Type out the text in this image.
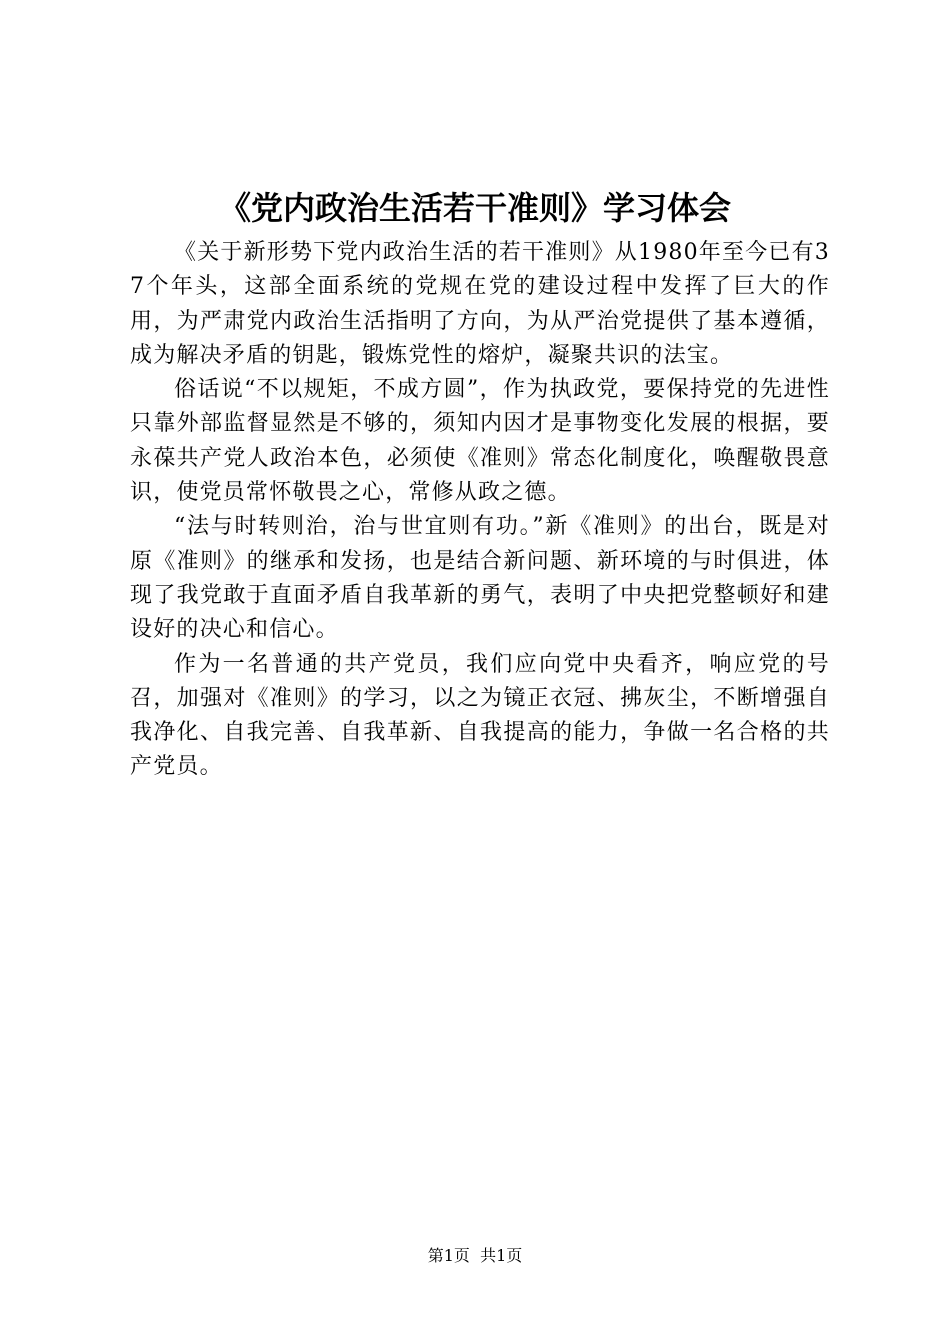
《党内政治生活若干准则》学习体会

《关于新形势下党内政治生活的若干准则》从1980年至今已有37个年头，这部全面系统的党规在党的建设过程中发挥了巨大的作用，为严肃党内政治生活指明了方向，为从严治党提供了基本遵循，成为解决矛盾的钥匙，锻炼党性的熔炉，凝聚共识的法宝。

俗话说“不以规矩，不成方圆”，作为执政党，要保持党的先进性只靠外部监督显然是不够的，须知内因才是事物变化发展的根据，要永葆共产党人政治本色，必须使《准则》常态化制度化，唤醒敬畏意识，使党员常怀敬畏之心，常修从政之德。

“法与时转则治，治与世宜则有功。”新《准则》的出台，既是对原《准则》的继承和发扬，也是结合新问题、新环境的与时俱进，体现了我党敢于直面矛盾自我革新的勇气，表明了中央把党整顿好和建设好的决心和信心。

作为一名普通的共产党员，我们应向党中央看齐，响应党的号召，加强对《准则》的学习，以之为镜正衣冠、拂灰尘，不断增强自我净化、自我完善、自我革新、自我提高的能力，争做一名合格的共产党员。

第1页  共1页
